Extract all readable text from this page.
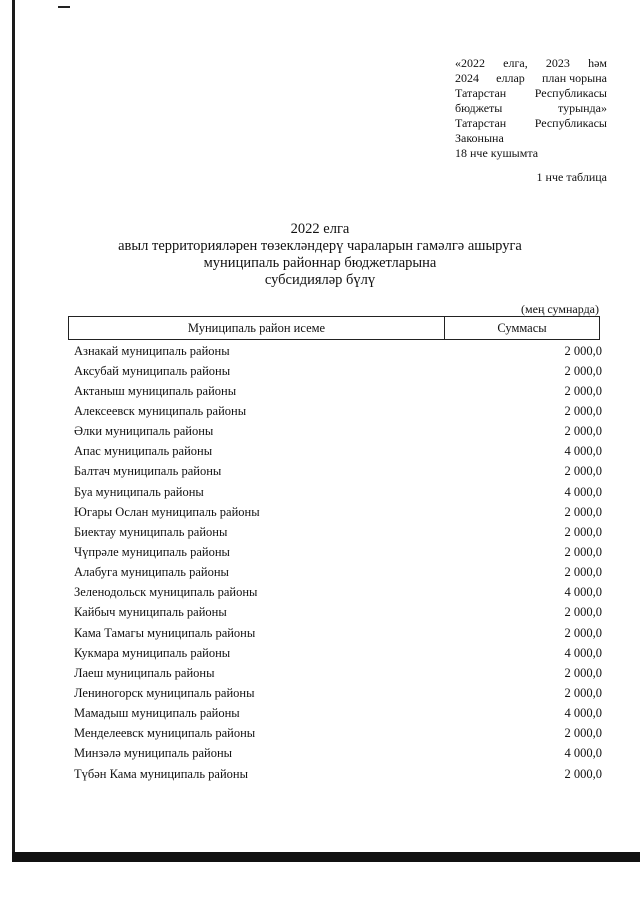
«2022 елга, 2023 һәм
2024 еллар план чорына
Татарстан Республикасы
бюджеты	турында»
Татарстан Республикасы
Законына
18 нче кушымта
1 нче таблица
2022 елга
авыл территорияләрен төзекләндерү чараларын гамәлгә ашыруга
муниципаль районнар бюджетларына
субсидияләр бүлү
(мең сумнарда)
Муниципаль район исеме	Суммасы
Азнакай муниципаль районы	2 000,0
Аксубай муниципаль районы	2 000,0
Актаныш муниципаль районы	2 000,0
Алексеевск муниципаль районы	2 000,0
Әлки муниципаль районы	2 000,0
Апас муниципаль районы	4 000,0
Балтач муниципаль районы	2 000,0
Буа муниципаль районы	4 000,0
Югары Ослан муниципаль районы	2 000,0
Биектау муниципаль районы	2 000,0
Чүпрәле муниципаль районы	2 000,0
Алабуга муниципаль районы	2 000,0
Зеленодольск муниципаль районы	4 000,0
Кайбыч муниципаль районы	2 000,0
Кама Тамагы муниципаль районы	2 000,0
Кукмара муниципаль районы	4 000,0
Лаеш муниципаль районы	2 000,0
Лениногорск муниципаль районы	2 000,0
Мамадыш муниципаль районы	4 000,0
Менделеевск муниципаль районы	2 000,0
Минзәлә муниципаль районы	4 000,0
Түбән Кама муниципаль районы	2 000,0
